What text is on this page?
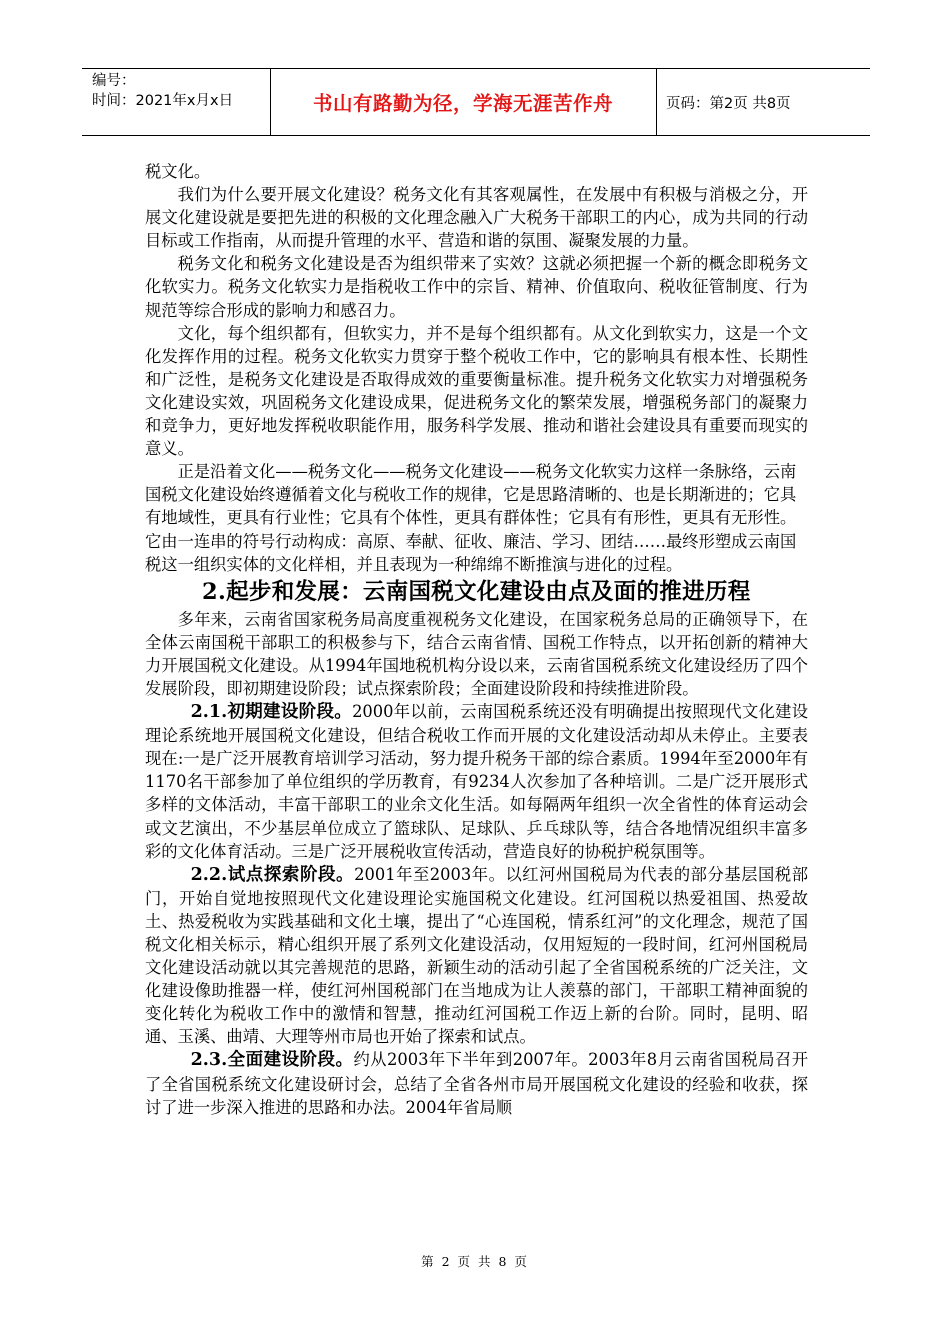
编号：
时间：2021年x月x日	书山有路勤为径，学海无涯苦作舟	页码：第2页 共8页

税文化。

我们为什么要开展文化建设？税务文化有其客观属性，在发展中有积极与消极之分，开展文化建设就是要把先进的积极的文化理念融入广大税务干部职工的内心，成为共同的行动目标或工作指南，从而提升管理的水平、营造和谐的氛围、凝聚发展的力量。

税务文化和税务文化建设是否为组织带来了实效？这就必须把握一个新的概念即税务文化软实力。税务文化软实力是指税收工作中的宗旨、精神、价值取向、税收征管制度、行为规范等综合形成的影响力和感召力。

文化，每个组织都有，但软实力，并不是每个组织都有。从文化到软实力，这是一个文化发挥作用的过程。税务文化软实力贯穿于整个税收工作中，它的影响具有根本性、长期性和广泛性，是税务文化建设是否取得成效的重要衡量标准。提升税务文化软实力对增强税务文化建设实效，巩固税务文化建设成果，促进税务文化的繁荣发展，增强税务部门的凝聚力和竞争力，更好地发挥税收职能作用，服务科学发展、推动和谐社会建设具有重要而现实的意义。

正是沿着文化——税务文化——税务文化建设——税务文化软实力这样一条脉络，云南国税文化建设始终遵循着文化与税收工作的规律，它是思路清晰的、也是长期渐进的；它具有地域性，更具有行业性；它具有个体性，更具有群体性；它具有有形性，更具有无形性。它由一连串的符号行动构成：高原、奉献、征收、廉洁、学习、团结……最终形塑成云南国税这一组织实体的文化样相，并且表现为一种绵绵不断推演与进化的过程。

2.起步和发展：云南国税文化建设由点及面的推进历程

多年来，云南省国家税务局高度重视税务文化建设，在国家税务总局的正确领导下，在全体云南国税干部职工的积极参与下，结合云南省情、国税工作特点，以开拓创新的精神大力开展国税文化建设。从1994年国地税机构分设以来，云南省国税系统文化建设经历了四个发展阶段，即初期建设阶段；试点探索阶段；全面建设阶段和持续推进阶段。

2.1.初期建设阶段。2000年以前，云南国税系统还没有明确提出按照现代文化建设理论系统地开展国税文化建设，但结合税收工作而开展的文化建设活动却从未停止。主要表现在:一是广泛开展教育培训学习活动，努力提升税务干部的综合素质。1994年至2000年有1170名干部参加了单位组织的学历教育，有9234人次参加了各种培训。二是广泛开展形式多样的文体活动，丰富干部职工的业余文化生活。如每隔两年组织一次全省性的体育运动会或文艺演出，不少基层单位成立了篮球队、足球队、乒乓球队等，结合各地情况组织丰富多彩的文化体育活动。三是广泛开展税收宣传活动，营造良好的协税护税氛围等。

2.2.试点探索阶段。2001年至2003年。以红河州国税局为代表的部分基层国税部门，开始自觉地按照现代文化建设理论实施国税文化建设。红河国税以热爱祖国、热爱故土、热爱税收为实践基础和文化土壤，提出了“心连国税，情系红河”的文化理念，规范了国税文化相关标示，精心组织开展了系列文化建设活动，仅用短短的一段时间，红河州国税局文化建设活动就以其完善规范的思路，新颖生动的活动引起了全省国税系统的广泛关注，文化建设像助推器一样，使红河州国税部门在当地成为让人羡慕的部门，干部职工精神面貌的变化转化为税收工作中的激情和智慧，推动红河国税工作迈上新的台阶。同时，昆明、昭通、玉溪、曲靖、大理等州市局也开始了探索和试点。

2.3.全面建设阶段。约从2003年下半年到2007年。2003年8月云南省国税局召开了全省国税系统文化建设研讨会，总结了全省各州市局开展国税文化建设的经验和收获，探讨了进一步深入推进的思路和办法。2004年省局顺

第 2 页 共 8 页
